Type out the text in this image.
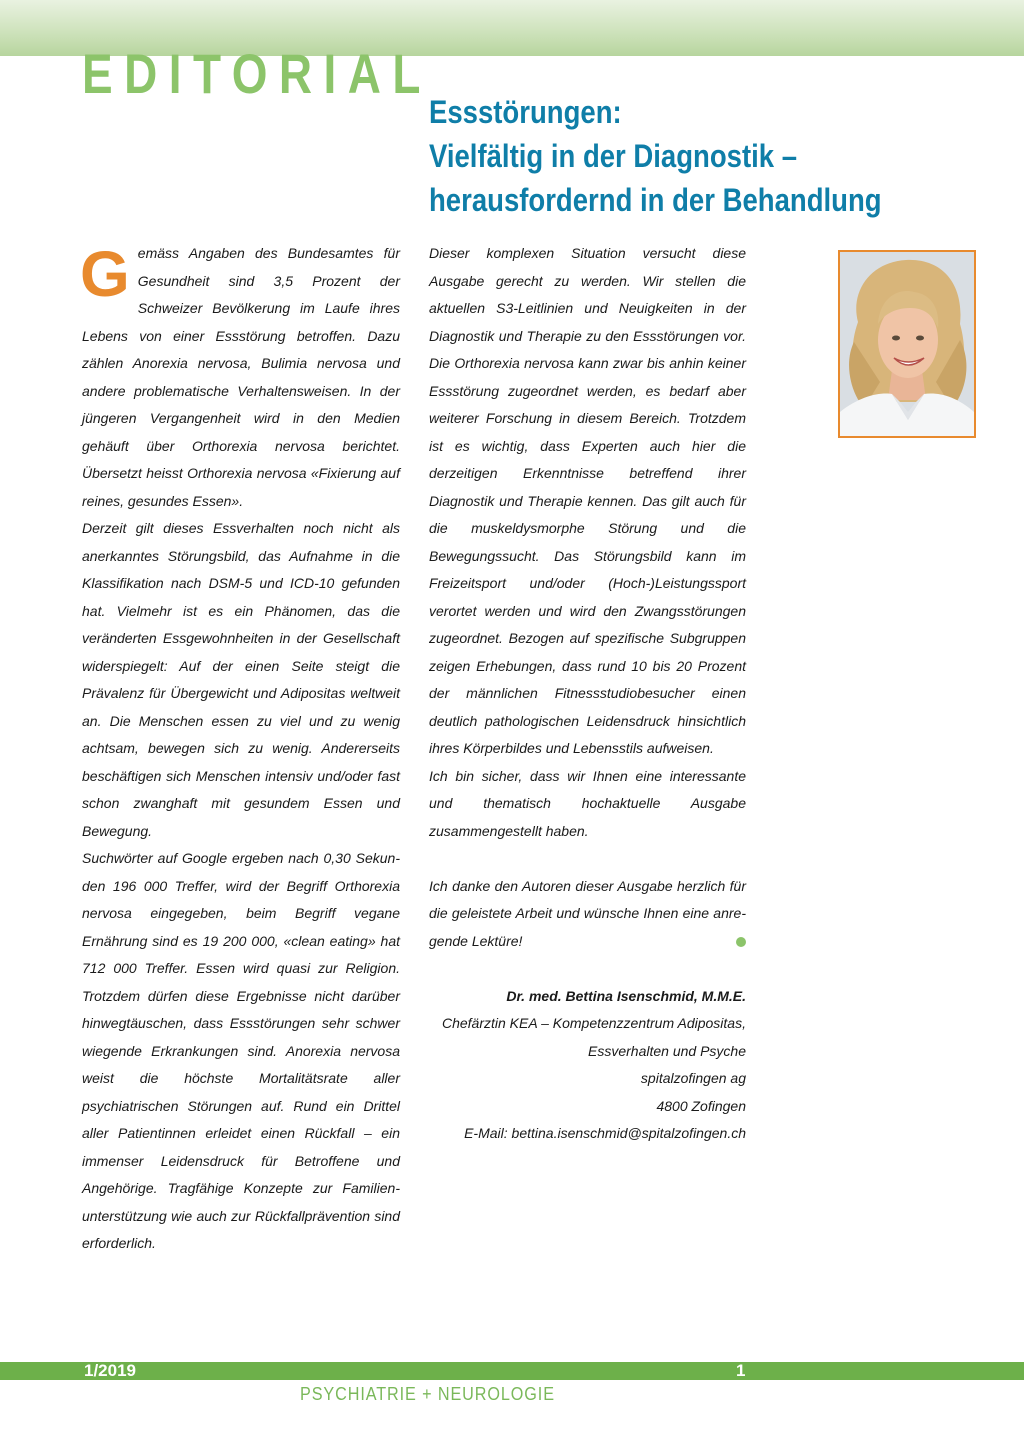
EDITORIAL
Essstörungen:
Vielfältig in der Diagnostik –
herausfordernd in der Behandlung

Gemäss Angaben des Bundesamtes für Gesundheit sind 3,5 Prozent der Schweizer Bevölkerung im Laufe ihres Lebens von einer Essstörung betroffen. Dazu zählen Anorexia nervosa, Bulimia nervosa und andere problematische Verhaltensweisen. In der jüngeren Vergangenheit wird in den Medien gehäuft über Orthorexia nervosa berichtet. Übersetzt heisst Orthorexia nervosa «Fixierung auf reines, gesundes Essen».

Derzeit gilt dieses Essverhalten noch nicht als anerkanntes Störungsbild, das Aufnahme in die Klassifikation nach DSM-5 und ICD-10 gefunden hat. Vielmehr ist es ein Phänomen, das die veränderten Essgewohnheiten in der Gesellschaft widerspiegelt: Auf der einen Seite steigt die Prävalenz für Übergewicht und Adipositas weltweit an. Die Menschen essen zu viel und zu wenig achtsam, bewegen sich zu wenig. Andererseits beschäftigen sich Menschen intensiv und/oder fast schon zwanghaft mit gesundem Essen und Bewegung.

Suchwörter auf Google ergeben nach 0,30 Sekunden 196 000 Treffer, wird der Begriff Orthorexia nervosa eingegeben, beim Begriff vegane Ernährung sind es 19 200 000, «clean eating» hat 712 000 Treffer. Essen wird quasi zur Religion. Trotzdem dürfen diese Ergebnisse nicht darüber hinwegtäuschen, dass Essstörungen sehr schwer wiegende Erkrankungen sind. Anorexia nervosa weist die höchste Mortalitätsrate aller psychiatrischen Störungen auf. Rund ein Drittel aller Patientinnen erleidet einen Rückfall – ein immenser Leidensdruck für Betroffene und Angehörige. Tragfähige Konzepte zur Familienunterstützung wie auch zur Rückfallprävention sind erforderlich.

Dieser komplexen Situation versucht diese Ausgabe gerecht zu werden. Wir stellen die aktuellen S3-Leitlinien und Neuigkeiten in der Diagnostik und Therapie zu den Essstörungen vor. Die Orthorexia nervosa kann zwar bis anhin keiner Essstörung zugeordnet werden, es bedarf aber weiterer Forschung in diesem Bereich. Trotzdem ist es wichtig, dass Experten auch hier die derzeitigen Erkenntnisse betreffend ihrer Diagnostik und Therapie kennen. Das gilt auch für die muskeldysmorphe Störung und die Bewegungssucht. Das Störungsbild kann im Freizeitsport und/oder (Hoch-)Leistungssport verortet werden und wird den Zwangsstörungen zugeordnet. Bezogen auf spezifische Subgruppen zeigen Erhebungen, dass rund 10 bis 20 Prozent der männlichen Fitnessstudiobesucher einen deutlich pathologischen Leidensdruck hinsichtlich ihres Körperbildes und Lebensstils aufweisen.

Ich bin sicher, dass wir Ihnen eine interessante und thematisch hochaktuelle Ausgabe zusammengestellt haben.

Ich danke den Autoren dieser Ausgabe herzlich für die geleistete Arbeit und wünsche Ihnen eine anregende Lektüre!

Dr. med. Bettina Isenschmid, M.M.E.
Chefärztin KEA – Kompetenzzentrum Adipositas,
Essverhalten und Psyche
spitalzofingen ag
4800 Zofingen
E-Mail: bettina.isenschmid@spitalzofingen.ch
1/2019	1
PSYCHIATRIE + NEUROLOGIE
